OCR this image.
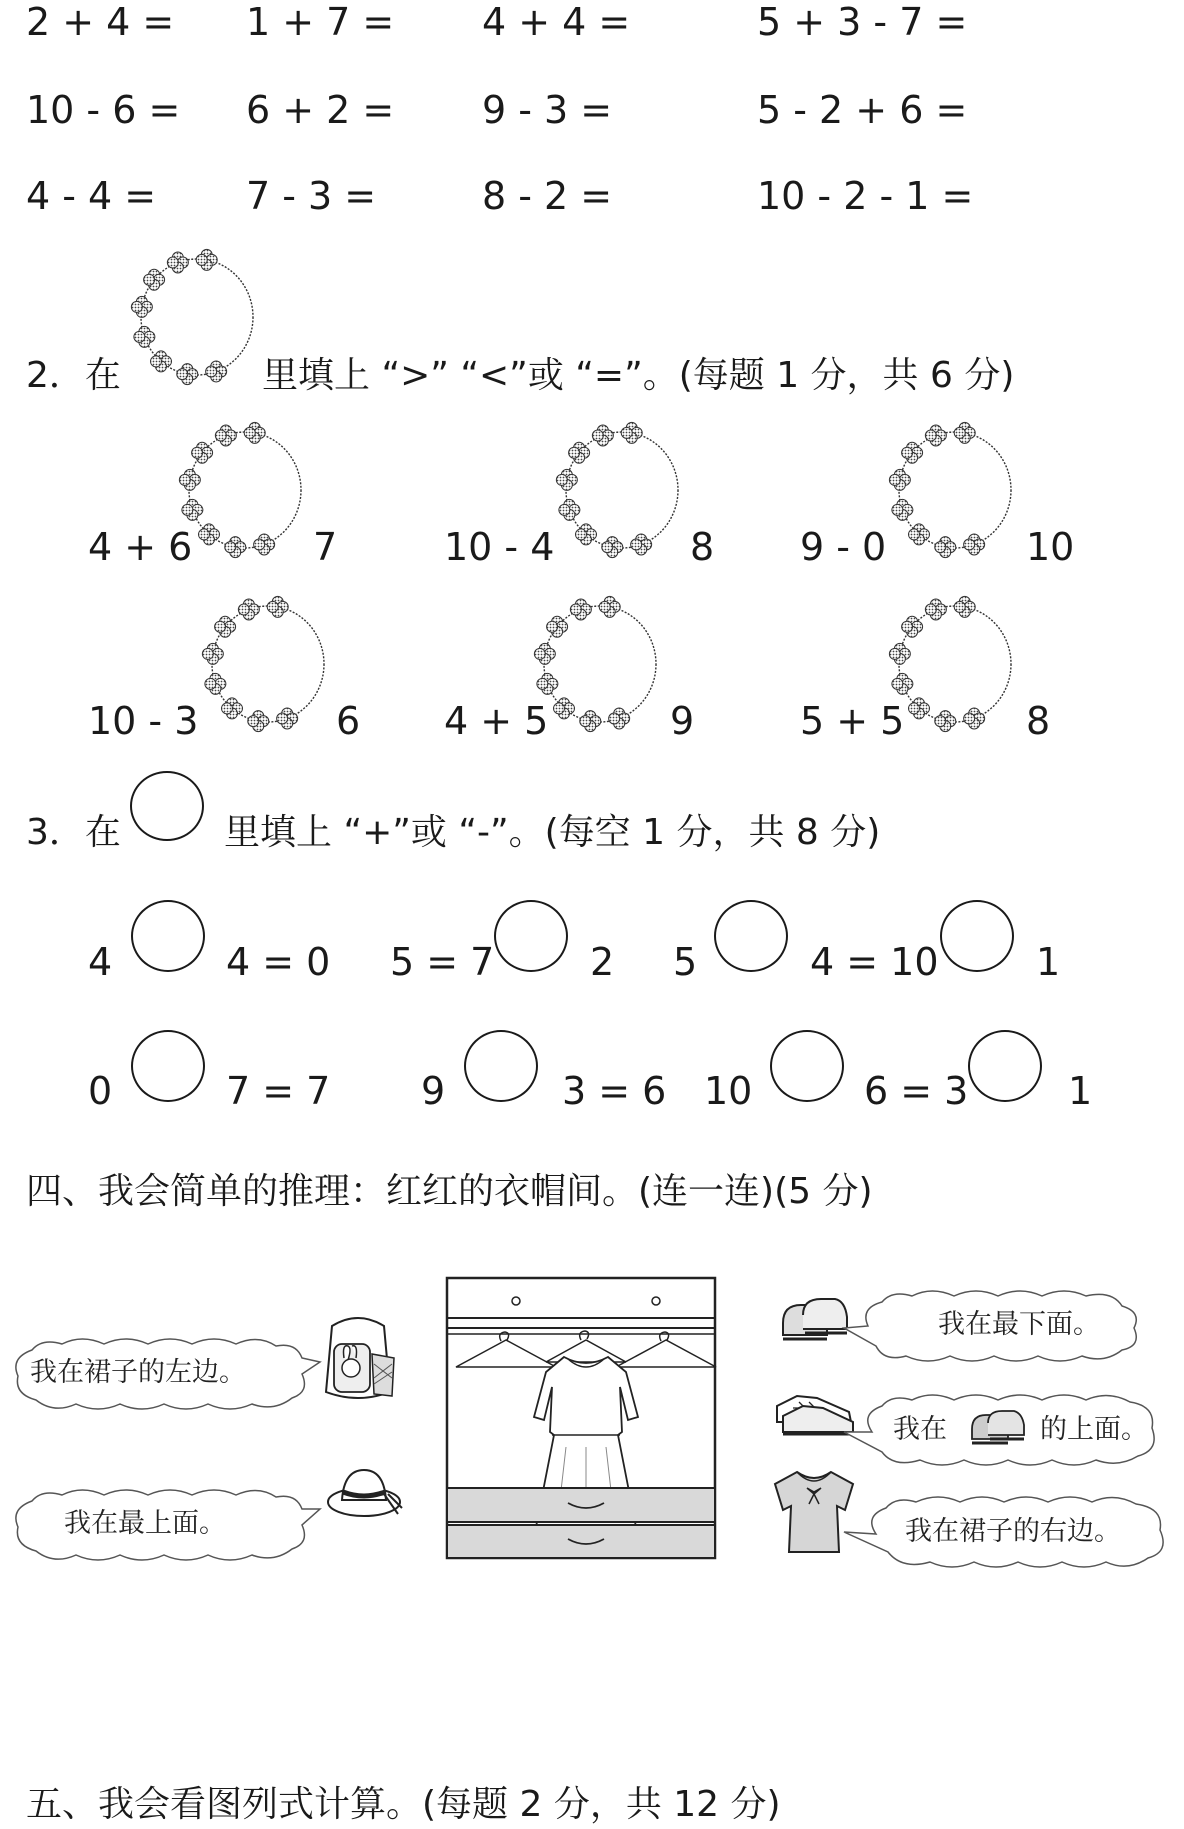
2 + 4 = 1 + 7 = 4 + 4 =	5 + 3 - 7 =
10 - 6 = 6 + 2 = 9 - 3 =	5 - 2 + 6 =
4 - 4 = 7 - 3 =	8 - 2 =	10 - 2 - 1 =
2．在	里填上 “>” “<”或 “=”。(每题 1 分，共 6 分)
4 + 6	7	10 - 4	8 9 - 0	10
10 - 3	6 4 + 5	9	5 + 5	8
3．在	里填上 “+”或 “-”。(每空 1 分，共 8 分)
4	4 = 0 5 = 7	2 5	4 = 10	1
0	7 = 7 9	3 = 6 10	6 = 3	1
四、我会简单的推理：红红的衣帽间。(连一连)(5 分)
我在裙子的左边。
我在最上面。
我在最下面。
我在	的上面。
我在裙子的右边。
五、我会看图列式计算。(每题 2 分，共 12 分)
